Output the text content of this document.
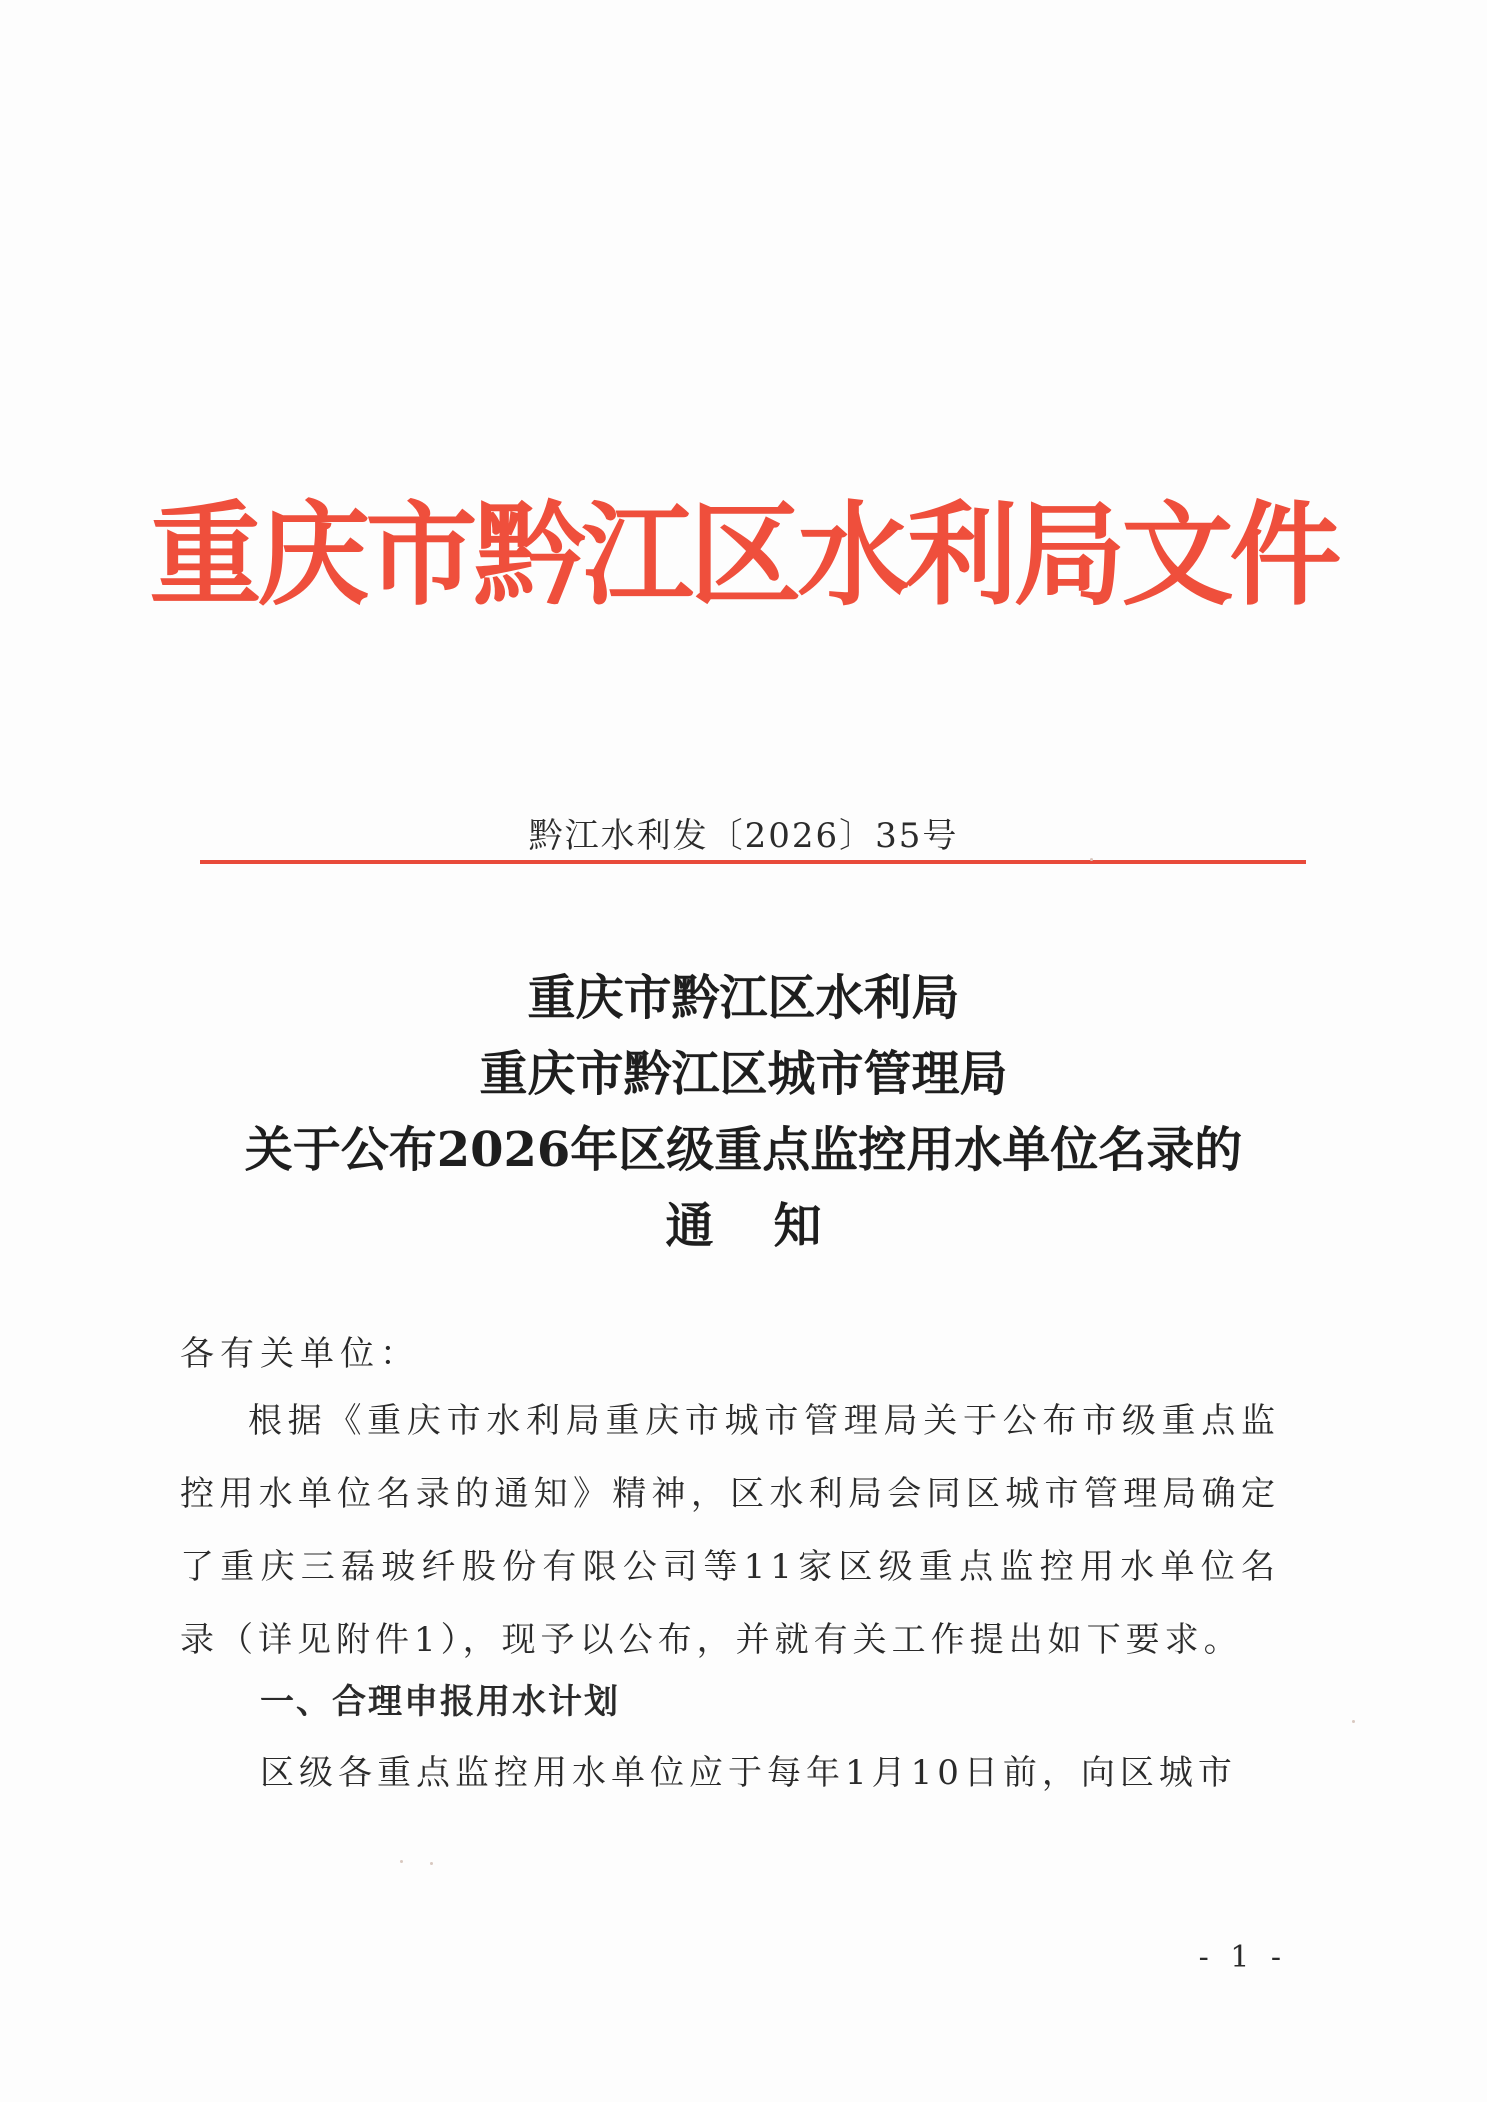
重庆市黔江区水利局文件
黔江水利发〔2026〕35号
重庆市黔江区水利局
重庆市黔江区城市管理局
关于公布2026年区级重点监控用水单位名录的
通知
各有关单位：
根据《重庆市水利局重庆市城市管理局关于公布市级重点监控用水单位名录的通知》精神，区水利局会同区城市管理局确定了重庆三磊玻纤股份有限公司等11家区级重点监控用水单位名录（详见附件1），现予以公布，并就有关工作提出如下要求。
一、合理申报用水计划
区级各重点监控用水单位应于每年1月10日前，向区城市
- 1 -
